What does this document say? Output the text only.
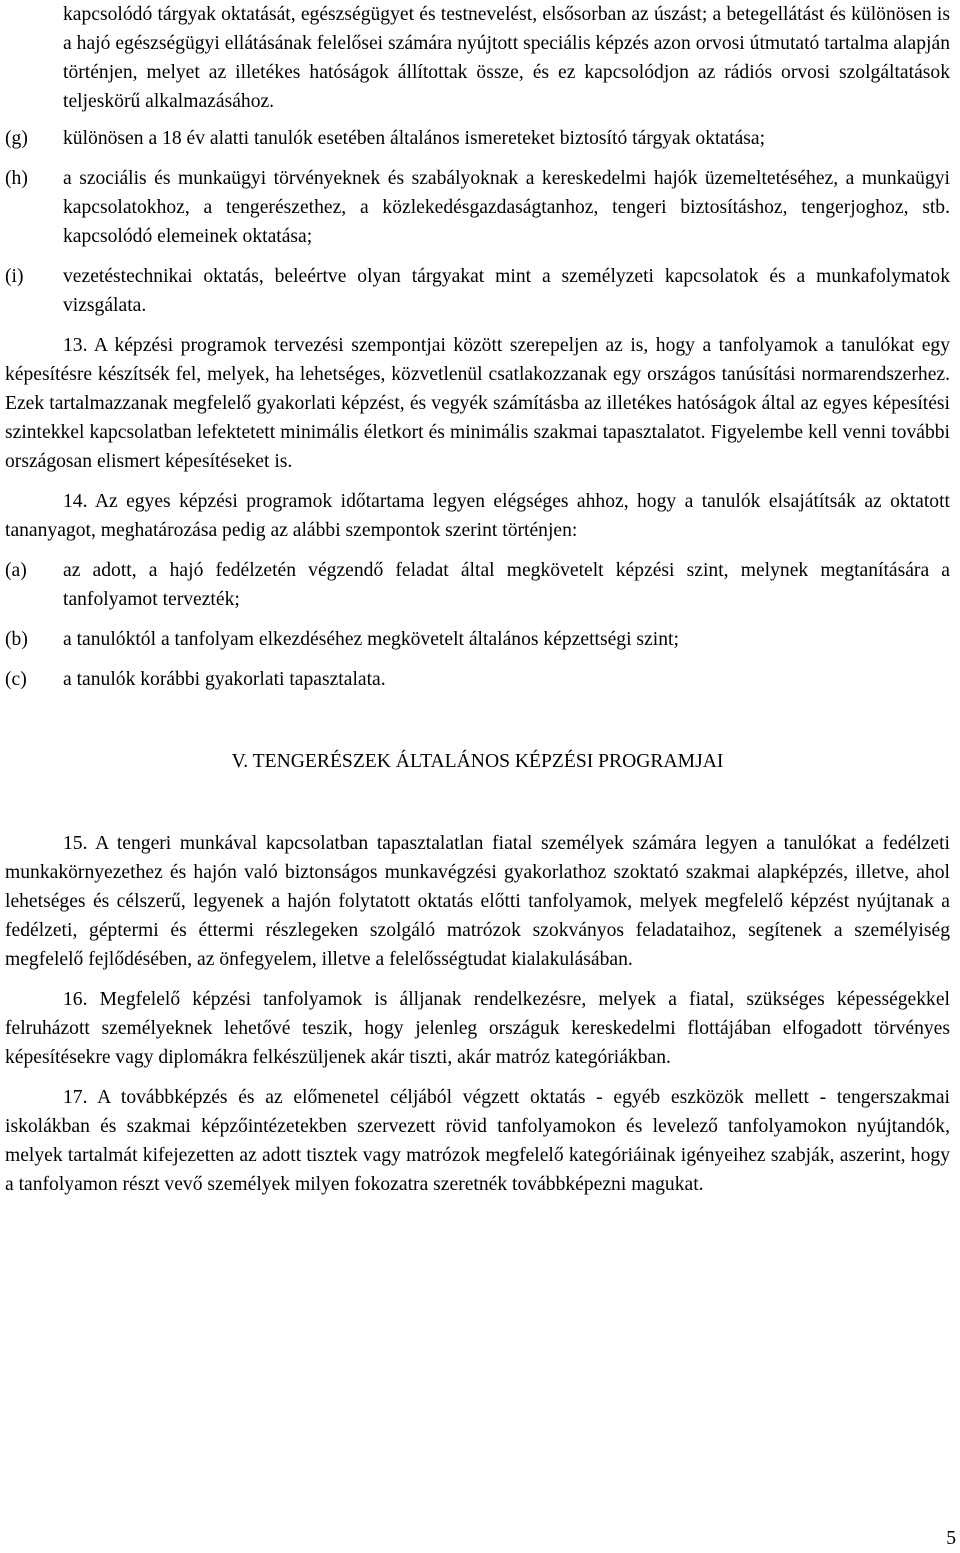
kapcsolódó tárgyak oktatását, egészségügyet és testnevelést, elsősorban az úszást; a betegellátást és különösen is a hajó egészségügyi ellátásának felelősei számára nyújtott speciális képzés azon orvosi útmutató tartalma alapján történjen, melyet az illetékes hatóságok állítottak össze, és ez kapcsolódjon az rádiós orvosi szolgáltatások teljeskörű alkalmazásához.

(g)	különösen a 18 év alatti tanulók esetében általános ismereteket biztosító tárgyak oktatása;
(h)	a szociális és munkaügyi törvényeknek és szabályoknak a kereskedelmi hajók üzemeltetéséhez, a munkaügyi kapcsolatokhoz, a tengerészethez, a közlekedésgazdaságtanhoz, tengeri biztosításhoz, tengerjoghoz, stb. kapcsolódó elemeinek oktatása;
(i)	vezetéstechnikai oktatás, beleértve olyan tárgyakat mint a személyzeti kapcsolatok és a munkafolymatok vizsgálata.

13. A képzési programok tervezési szempontjai között szerepeljen az is, hogy a tanfolyamok a tanulókat egy képesítésre készítsék fel, melyek, ha lehetséges, közvetlenül csatlakozzanak egy országos tanúsítási normarendszerhez. Ezek tartalmazzanak megfelelő gyakorlati képzést, és vegyék számításba az illetékes hatóságok által az egyes képesítési szintekkel kapcsolatban lefektetett minimális életkort és minimális szakmai tapasztalatot. Figyelembe kell venni további országosan elismert képesítéseket is.

14. Az egyes képzési programok időtartama legyen elégséges ahhoz, hogy a tanulók elsajátítsák az oktatott tananyagot, meghatározása pedig az alábbi szempontok szerint történjen:

(a)	az adott, a hajó fedélzetén végzendő feladat által megkövetelt képzési szint, melynek megtanítására a tanfolyamot tervezték;
(b)	a tanulóktól a tanfolyam elkezdéséhez megkövetelt általános képzettségi szint;
(c)	a tanulók korábbi gyakorlati tapasztalata.
V. TENGERÉSZEK ÁLTALÁNOS KÉPZÉSI PROGRAMJAI

15. A tengeri munkával kapcsolatban tapasztalatlan fiatal személyek számára legyen a tanulókat a fedélzeti munkakörnyezethez és hajón való biztonságos munkavégzési gyakorlathoz szoktató szakmai alapképzés, illetve, ahol lehetséges és célszerű, legyenek a hajón folytatott oktatás előtti tanfolyamok, melyek megfelelő képzést nyújtanak a fedélzeti, géptermi és éttermi részlegeken szolgáló matrózok szokványos feladataihoz, segítenek a személyiség megfelelő fejlődésében, az önfegyelem, illetve a felelősségtudat kialakulásában.

16. Megfelelő képzési tanfolyamok is álljanak rendelkezésre, melyek a fiatal, szükséges képességekkel felruházott személyeknek lehetővé teszik, hogy jelenleg országuk kereskedelmi flottájában elfogadott törvényes képesítésekre vagy diplomákra felkészüljenek akár tiszti, akár matróz kategóriákban.

17. A továbbképzés és az előmenetel céljából végzett oktatás - egyéb eszközök mellett - tengerszakmai iskolákban és szakmai képzőintézetekben szervezett rövid tanfolyamokon és levelező tanfolyamokon nyújtandók, melyek tartalmát kifejezetten az adott tisztek vagy matrózok megfelelő kategóriáinak igényeihez szabják, aszerint, hogy a tanfolyamon részt vevő személyek milyen fokozatra szeretnék továbbképezni magukat.

5
